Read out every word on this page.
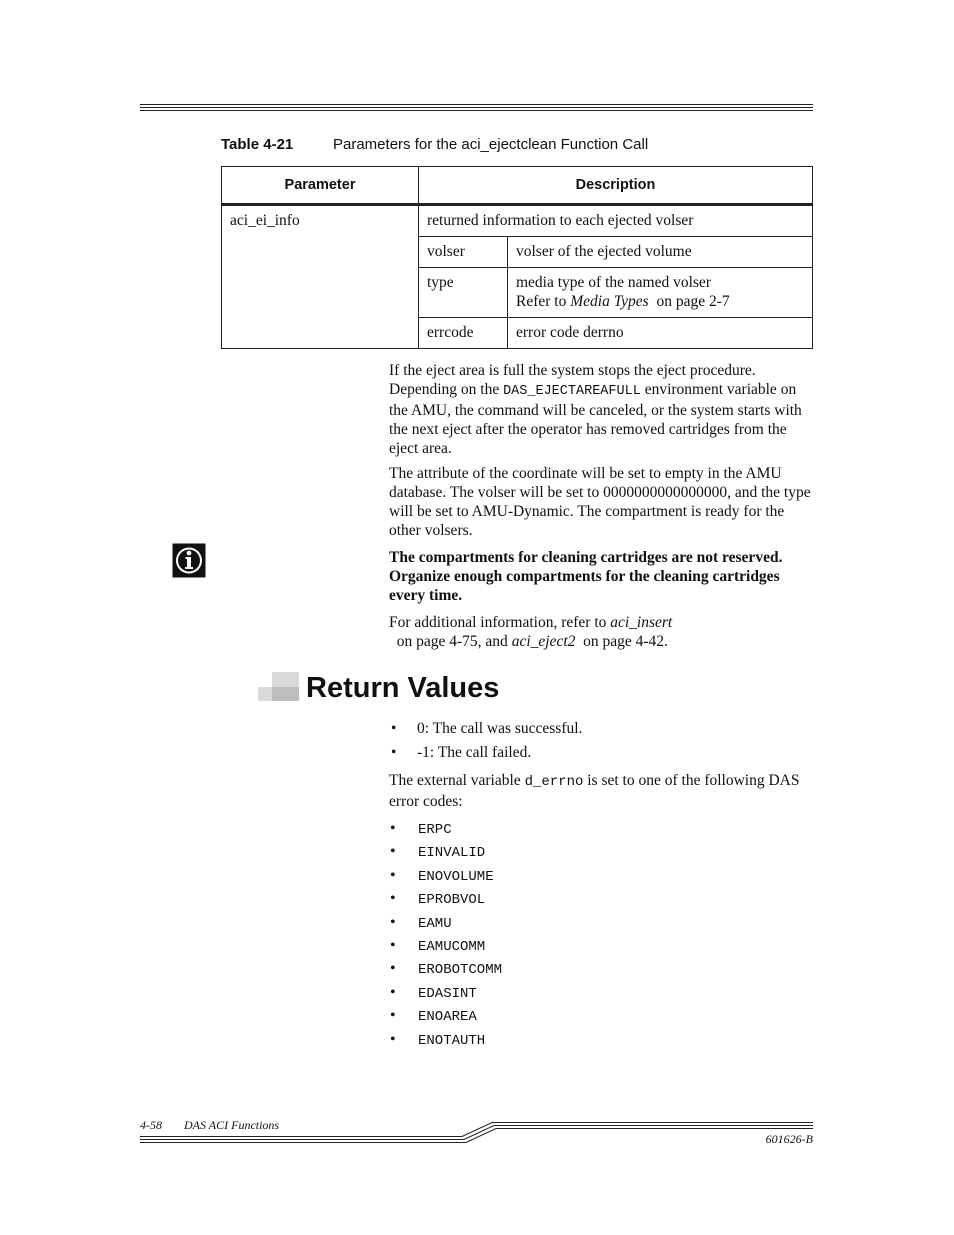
Table 4-21	Parameters for the aci_ejectclean Function Call
Parameter	Description	
aci_ei_info	returned information to each ejected volser	
	volser	volser of the ejected volume
	type	media type of the named volser
Refer to Media Types  on page 2-7
	errcode	error code derrno

If the eject area is full the system stops the eject procedure. Depending on the DAS_EJECTAREAFULL environment variable on the AMU, the command will be canceled, or the system starts with the next eject after the operator has removed cartridges from the eject area.

The attribute of the coordinate will be set to empty in the AMU database. The volser will be set to 0000000000000000, and the type will be set to AMU-Dynamic. The compartment is ready for the other volsers.

The compartments for cleaning cartridges are not reserved. Organize enough compartments for the cleaning cartridges every time.

For additional information, refer to aci_insert  on page 4-75, and aci_eject2  on page 4-42.

Return Values
• 0: The call was successful.
• -1: The call failed.

The external variable d_errno is set to one of the following DAS error codes:

• ERPC
• EINVALID
• ENOVOLUME
• EPROBVOL
• EAMU
• EAMUCOMM
• EROBOTCOMM
• EDASINT
• ENOAREA
• ENOTAUTH
4-58 DAS ACI Functions
601626-B
